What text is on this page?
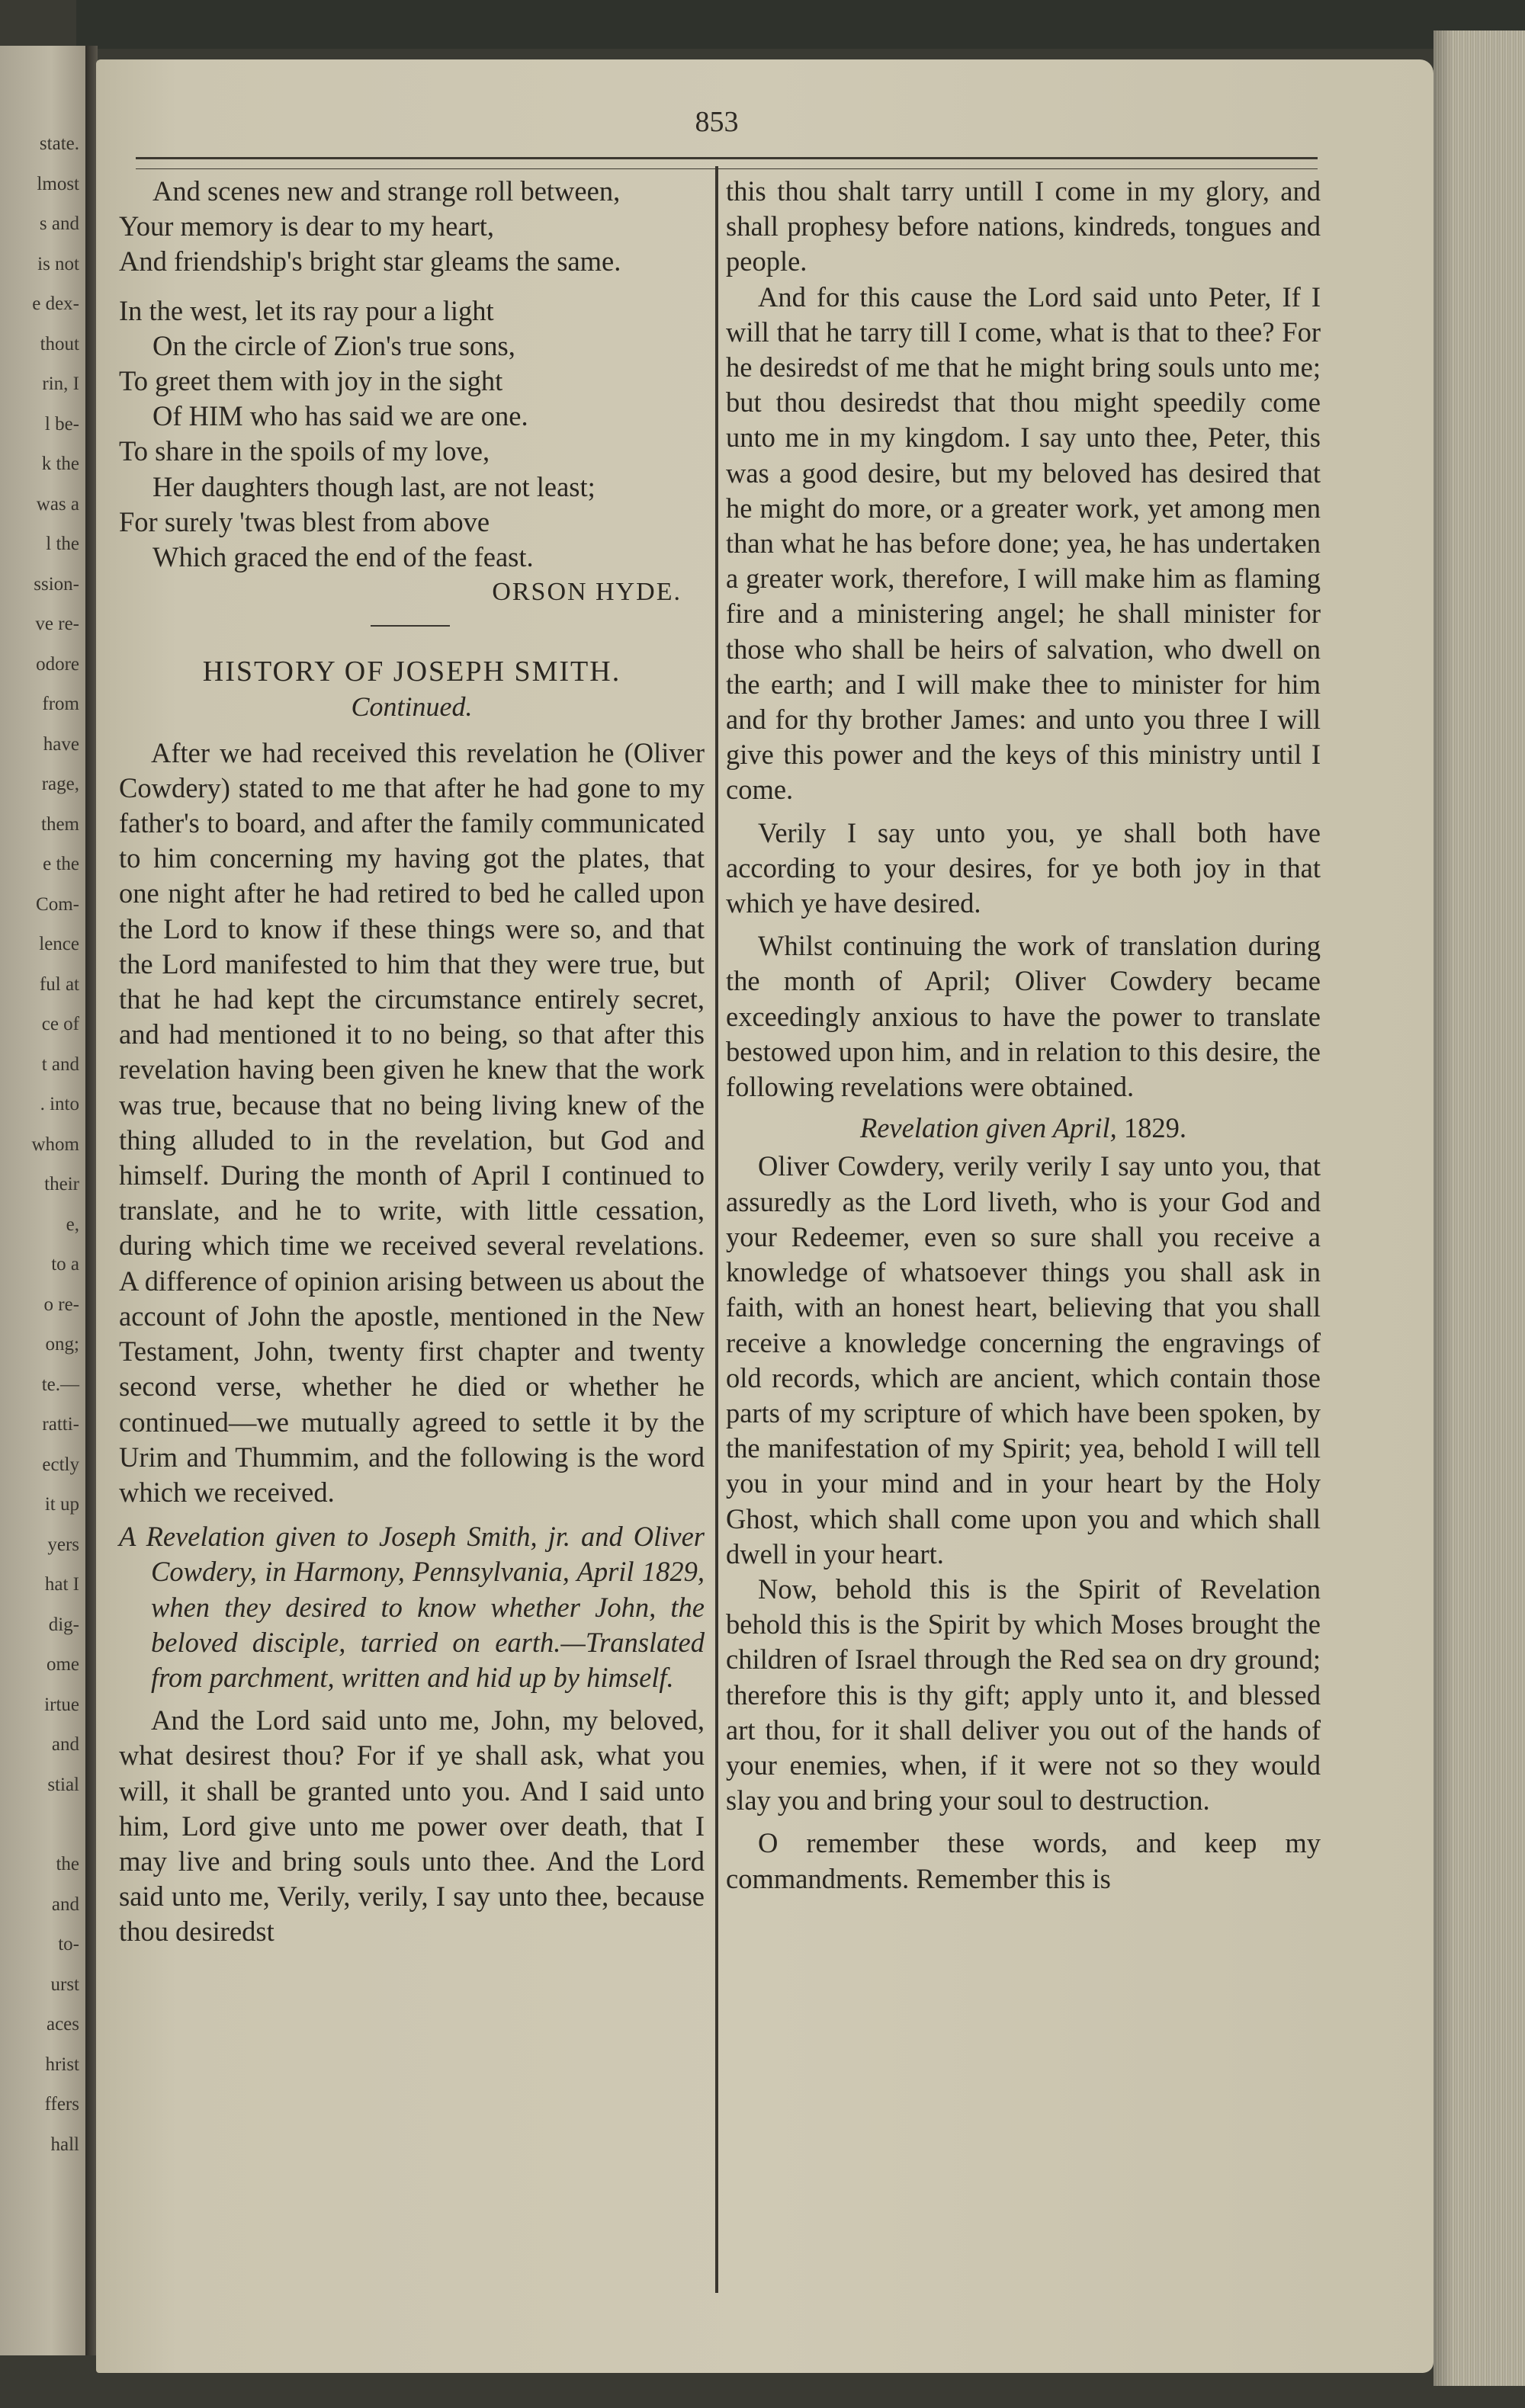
state.
lmost
s and
is not
e dex-
thout
rin, I
l be-
k the
was a
l the
ssion-
ve re-
odore
from
have
rage,
them
e the
Com-
lence
ful at
ce of
t and
. into
whom
their
e,
to a
o re-
ong;
te.—
ratti-
ectly
it up
yers
hat I
dig-
ome
irtue
and
stial
the
and
to-
urst
aces
hrist
ffers
hall
853
And scenes new and strange roll between,
Your memory is dear to my heart,
And friendship's bright star gleams the same.
In the west, let its ray pour a light
On the circle of Zion's true sons,
To greet them with joy in the sight
Of HIM who has said we are one.
To share in the spoils of my love,
Her daughters though last, are not least;
For surely 'twas blest from above
Which graced the end of the feast.
ORSON HYDE.
HISTORY OF JOSEPH SMITH.
Continued.

After we had received this revelation he (Oliver Cowdery) stated to me that after he had gone to my father's to board, and after the family communicated to him concerning my having got the plates, that one night after he had retired to bed he called upon the Lord to know if these things were so, and that the Lord manifested to him that they were true, but that he had kept the circumstance entirely secret, and had mentioned it to no being, so that after this revelation having been given he knew that the work was true, because that no being living knew of the thing alluded to in the revelation, but God and himself. During the month of April I continued to translate, and he to write, with little cessation, during which time we received several revelations. A difference of opinion arising between us about the account of John the apostle, mentioned in the New Testament, John, twenty first chapter and twenty second verse, whether he died or whether he continued—we mutually agreed to settle it by the Urim and Thummim, and the following is the word which we received.

A Revelation given to Joseph Smith, jr. and Oliver Cowdery, in Harmony, Pennsylvania, April 1829, when they desired to know whether John, the beloved disciple, tarried on earth.—Translated from parchment, written and hid up by himself.

And the Lord said unto me, John, my beloved, what desirest thou? For if ye shall ask, what you will, it shall be granted unto you. And I said unto him, Lord give unto me power over death, that I may live and bring souls unto thee. And the Lord said unto me, Verily, verily, I say unto thee, because thou desiredst

this thou shalt tarry untill I come in my glory, and shall prophesy before nations, kindreds, tongues and people.

And for this cause the Lord said unto Peter, If I will that he tarry till I come, what is that to thee? For he desiredst of me that he might bring souls unto me; but thou desiredst that thou might speedily come unto me in my kingdom. I say unto thee, Peter, this was a good desire, but my beloved has desired that he might do more, or a greater work, yet among men than what he has before done; yea, he has undertaken a greater work, therefore, I will make him as flaming fire and a ministering angel; he shall minister for those who shall be heirs of salvation, who dwell on the earth; and I will make thee to minister for him and for thy brother James: and unto you three I will give this power and the keys of this ministry until I come.

Verily I say unto you, ye shall both have according to your desires, for ye both joy in that which ye have desired.

Whilst continuing the work of translation during the month of April; Oliver Cowdery became exceedingly anxious to have the power to translate bestowed upon him, and in relation to this desire, the following revelations were obtained.

Revelation given April, 1829.

Oliver Cowdery, verily verily I say unto you, that assuredly as the Lord liveth, who is your God and your Redeemer, even so sure shall you receive a knowledge of whatsoever things you shall ask in faith, with an honest heart, believing that you shall receive a knowledge concerning the engravings of old records, which are ancient, which contain those parts of my scripture of which have been spoken, by the manifestation of my Spirit; yea, behold I will tell you in your mind and in your heart by the Holy Ghost, which shall come upon you and which shall dwell in your heart.

Now, behold this is the Spirit of Revelation behold this is the Spirit by which Moses brought the children of Israel through the Red sea on dry ground; therefore this is thy gift; apply unto it, and blessed art thou, for it shall deliver you out of the hands of your enemies, when, if it were not so they would slay you and bring your soul to destruction.

O remember these words, and keep my commandments. Remember this is
